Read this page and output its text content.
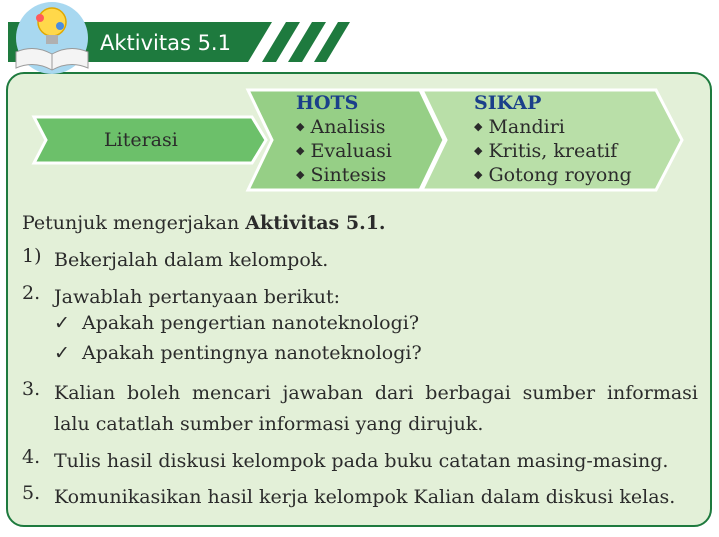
Aktivitas 5.1
Literasi
HOTS
◆ Analisis
◆ Evaluasi
◆ Sintesis
SIKAP
◆ Mandiri
◆ Kritis, kreatif
◆ Gotong royong
Petunjuk mengerjakan Aktivitas 5.1.
1) Bekerjalah dalam kelompok.
2. Jawablah pertanyaan berikut:
✓ Apakah pengertian nanoteknologi?
✓ Apakah pentingnya nanoteknologi?
3. Kalian boleh mencari jawaban dari berbagai sumber informasi lalu catatlah sumber informasi yang dirujuk.
4. Tulis hasil diskusi kelompok pada buku catatan masing-masing.
5. Komunikasikan hasil kerja kelompok Kalian dalam diskusi kelas.
